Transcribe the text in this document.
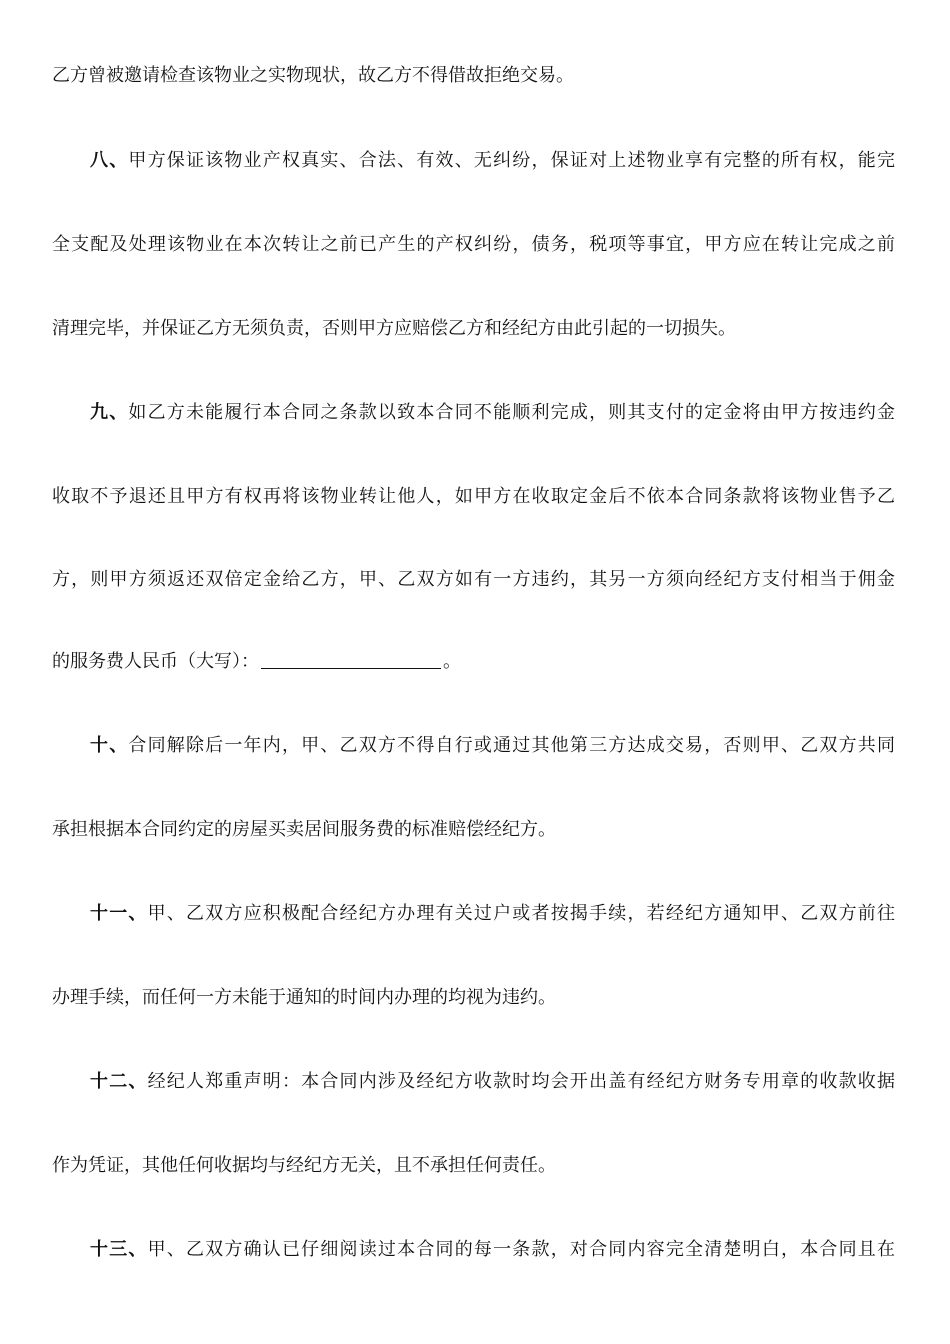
乙方曾被邀请检查该物业之实物现状，故乙方不得借故拒绝交易。
八、甲方保证该物业产权真实、合法、有效、无纠纷，保证对上述物业享有完整的所有权，能完
全支配及处理该物业在本次转让之前已产生的产权纠纷，债务，税项等事宜，甲方应在转让完成之前
清理完毕，并保证乙方无须负责，否则甲方应赔偿乙方和经纪方由此引起的一切损失。
九、如乙方未能履行本合同之条款以致本合同不能顺利完成，则其支付的定金将由甲方按违约金
收取不予退还且甲方有权再将该物业转让他人，如甲方在收取定金后不依本合同条款将该物业售予乙
方，则甲方须返还双倍定金给乙方，甲、乙双方如有一方违约，其另一方须向经纪方支付相当于佣金
的服务费人民币（大写）：	。
十、合同解除后一年内，甲、乙双方不得自行或通过其他第三方达成交易，否则甲、乙双方共同
承担根据本合同约定的房屋买卖居间服务费的标准赔偿经纪方。
十一、甲、乙双方应积极配合经纪方办理有关过户或者按揭手续，若经纪方通知甲、乙双方前往
办理手续，而任何一方未能于通知的时间内办理的均视为违约。
十二、经纪人郑重声明：本合同内涉及经纪方收款时均会开出盖有经纪方财务专用章的收款收据
作为凭证，其他任何收据均与经纪方无关，且不承担任何责任。
十三、甲、乙双方确认已仔细阅读过本合同的每一条款，对合同内容完全清楚明白，本合同且在
